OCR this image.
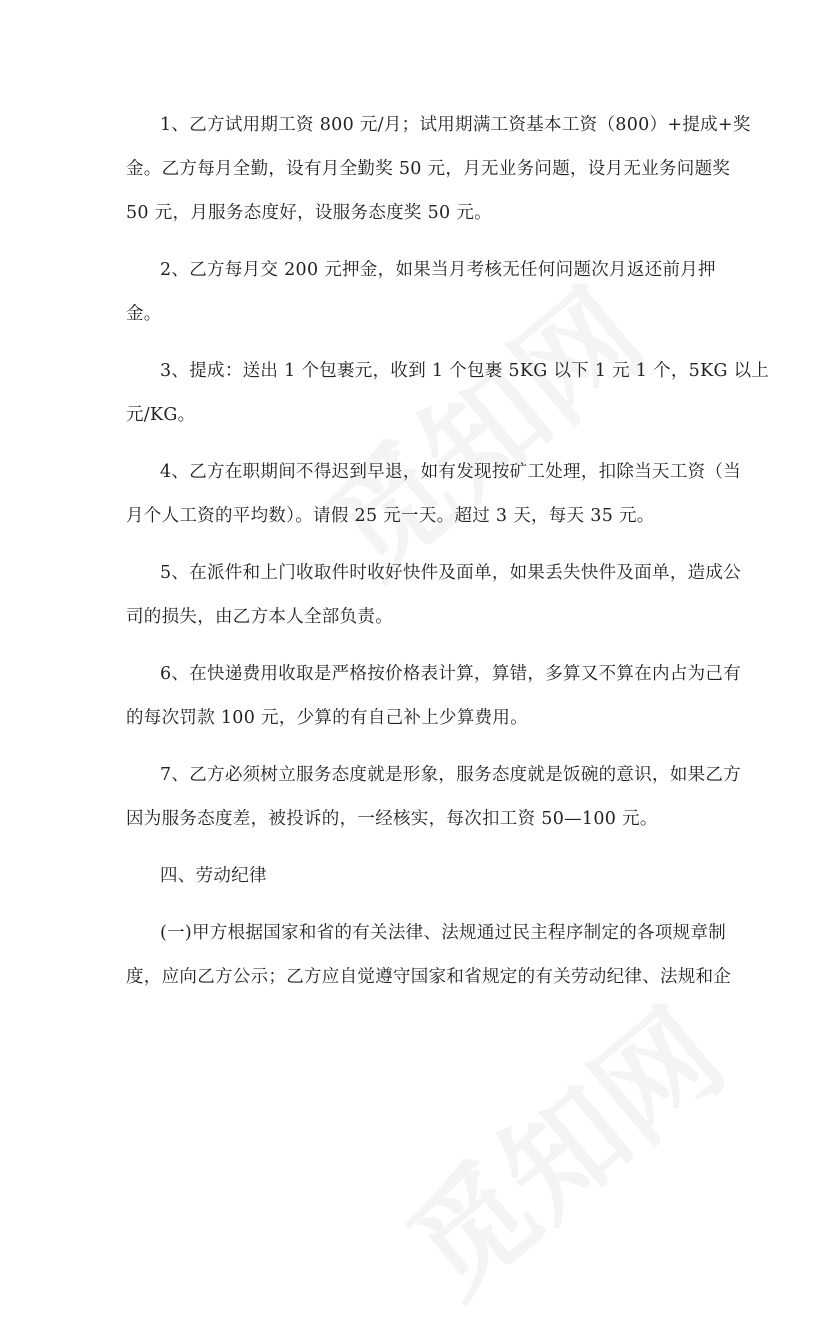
1、乙方试用期工资 800 元/月；试用期满工资基本工资（800）+提成+奖
金。乙方每月全勤，设有月全勤奖 50 元，月无业务问题，设月无业务问题奖
50 元，月服务态度好，设服务态度奖 50 元。
2、乙方每月交 200 元押金，如果当月考核无任何问题次月返还前月押
金。
3、提成：送出 1 个包裹元，收到 1 个包裹 5KG 以下 1 元 1 个，5KG 以上
元/KG。
4、乙方在职期间不得迟到早退，如有发现按矿工处理，扣除当天工资（当
月个人工资的平均数）。请假 25 元一天。超过 3 天，每天 35 元。
5、在派件和上门收取件时收好快件及面单，如果丢失快件及面单，造成公
司的损失，由乙方本人全部负责。
6、在快递费用收取是严格按价格表计算，算错，多算又不算在内占为己有
的每次罚款 100 元，少算的有自己补上少算费用。
7、乙方必须树立服务态度就是形象，服务态度就是饭碗的意识，如果乙方
因为服务态度差，被投诉的，一经核实，每次扣工资 50—100 元。
四、劳动纪律
(一)甲方根据国家和省的有关法律、法规通过民主程序制定的各项规章制
度，应向乙方公示；乙方应自觉遵守国家和省规定的有关劳动纪律、法规和企
